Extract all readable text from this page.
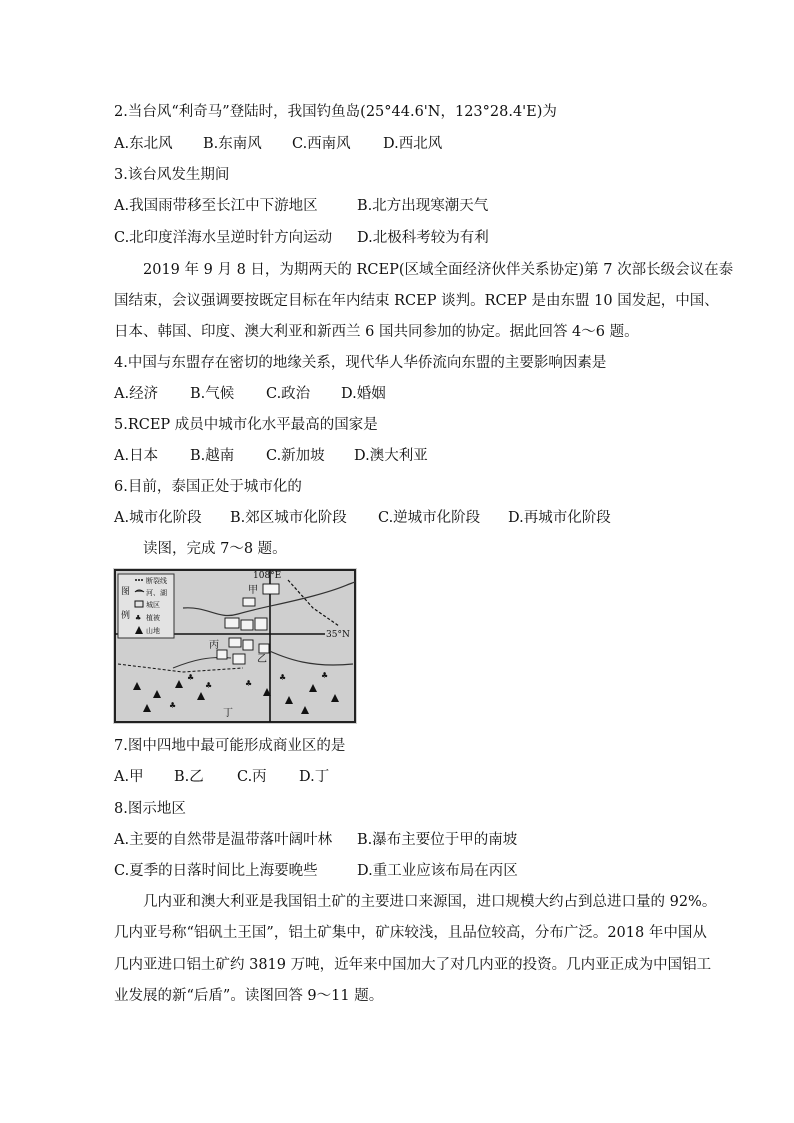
2.当台风“利奇马”登陆时，我国钓鱼岛(25°44.6'N，123°28.4'E)为
A.东北风 B.东南风 C.西南风 D.西北风
3.该台风发生期间
A.我国雨带移至长江中下游地区	B.北方出现寒潮天气
C.北印度洋海水呈逆时针方向运动 D.北极科考较为有利
2019 年 9 月 8 日，为期两天的 RCEP(区域全面经济伙伴关系协定)第 7 次部长级会议在泰
国结束，会议强调要按既定目标在年内结束 RCEP 谈判。RCEP 是由东盟 10 国发起，中国、
日本、韩国、印度、澳大利亚和新西兰 6 国共同参加的协定。据此回答 4～6 题。
4.中国与东盟存在密切的地缘关系，现代华人华侨流向东盟的主要影响因素是
A.经济 B.气候 C.政治 D.婚姻
5.RCEP 成员中城市化水平最高的国家是
A.日本 B.越南 C.新加坡 D.澳大利亚
6.目前，泰国正处于城市化的
A.城市化阶段 B.郊区城市化阶段 C.逆城市化阶段 D.再城市化阶段
读图，完成 7～8 题。
108°E
35°N
图
例
断裂线
河、湖
城区
♣ 植被
山地
甲
乙
丙
丁
♣
♣	♣
♣	♣
♣
7.图中四地中最可能形成商业区的是
A.甲 B.乙 C.丙 D.丁
8.图示地区
A.主要的自然带是温带落叶阔叶林 B.瀑布主要位于甲的南坡
C.夏季的日落时间比上海要晚些	D.重工业应该布局在丙区
几内亚和澳大利亚是我国铝土矿的主要进口来源国，进口规模大约占到总进口量的 92%。
几内亚号称“铝矾土王国”，铝土矿集中，矿床较浅，且品位较高，分布广泛。2018 年中国从
几内亚进口铝土矿约 3819 万吨，近年来中国加大了对几内亚的投资。几内亚正成为中国铝工
业发展的新“后盾”。读图回答 9～11 题。
